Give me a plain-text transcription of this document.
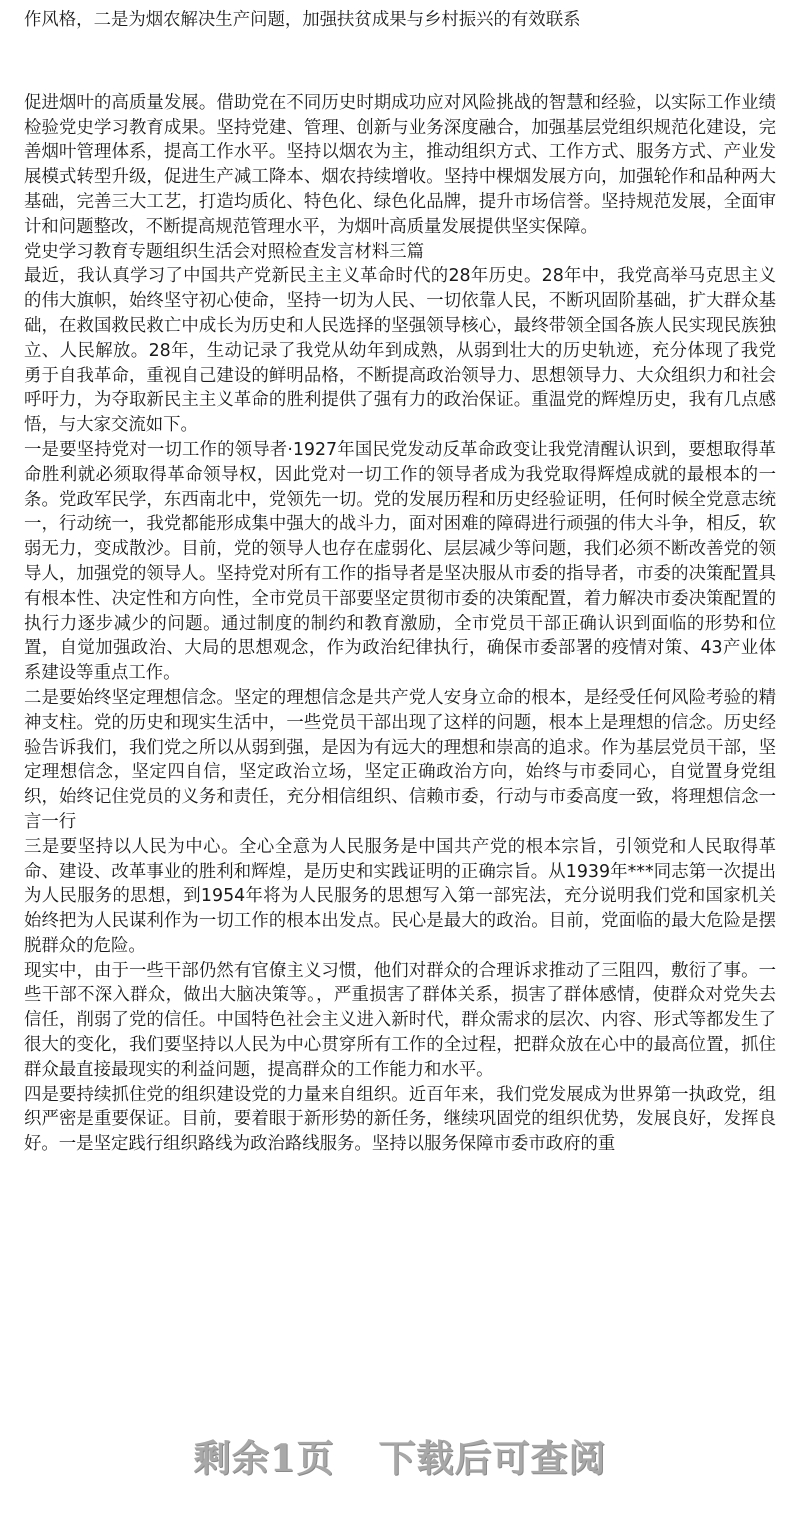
作风格，二是为烟农解决生产问题，加强扶贫成果与乡村振兴的有效联系

促进烟叶的高质量发展。借助党在不同历史时期成功应对风险挑战的智慧和经验，以实际工作业绩检验党史学习教育成果。坚持党建、管理、创新与业务深度融合，加强基层党组织规范化建设，完善烟叶管理体系，提高工作水平。坚持以烟农为主，推动组织方式、工作方式、服务方式、产业发展模式转型升级，促进生产减工降本、烟农持续增收。坚持中棵烟发展方向，加强轮作和品种两大基础，完善三大工艺，打造均质化、特色化、绿色化品牌，提升市场信誉。坚持规范发展，全面审计和问题整改，不断提高规范管理水平，为烟叶高质量发展提供坚实保障。

党史学习教育专题组织生活会对照检查发言材料三篇

最近，我认真学习了中国共产党新民主主义革命时代的28年历史。28年中，我党高举马克思主义的伟大旗帜，始终坚守初心使命，坚持一切为人民、一切依靠人民，不断巩固阶基础，扩大群众基础，在救国救民救亡中成长为历史和人民选择的坚强领导核心，最终带领全国各族人民实现民族独立、人民解放。28年，生动记录了我党从幼年到成熟，从弱到壮大的历史轨迹，充分体现了我党勇于自我革命，重视自己建设的鲜明品格，不断提高政治领导力、思想领导力、大众组织力和社会呼吁力，为夺取新民主主义革命的胜利提供了强有力的政治保证。重温党的辉煌历史，我有几点感悟，与大家交流如下。

一是要坚持党对一切工作的领导者·1927年国民党发动反革命政变让我党清醒认识到，要想取得革命胜利就必须取得革命领导权，因此党对一切工作的领导者成为我党取得辉煌成就的最根本的一条。党政军民学，东西南北中，党领先一切。党的发展历程和历史经验证明，任何时候全党意志统一，行动统一，我党都能形成集中强大的战斗力，面对困难的障碍进行顽强的伟大斗争，相反，软弱无力，变成散沙。目前，党的领导人也存在虚弱化、层层减少等问题，我们必须不断改善党的领导人，加强党的领导人。坚持党对所有工作的指导者是坚决服从市委的指导者，市委的决策配置具有根本性、决定性和方向性，全市党员干部要坚定贯彻市委的决策配置，着力解决市委决策配置的执行力逐步减少的问题。通过制度的制约和教育激励，全市党员干部正确认识到面临的形势和位置，自觉加强政治、大局的思想观念，作为政治纪律执行，确保市委部署的疫情对策、43产业体系建设等重点工作。

二是要始终坚定理想信念。坚定的理想信念是共产党人安身立命的根本，是经受任何风险考验的精神支柱。党的历史和现实生活中，一些党员干部出现了这样的问题，根本上是理想的信念。历史经验告诉我们，我们党之所以从弱到强，是因为有远大的理想和崇高的追求。作为基层党员干部，坚定理想信念，坚定四自信，坚定政治立场，坚定正确政治方向，始终与市委同心，自觉置身党组织，始终记住党员的义务和责任，充分相信组织、信赖市委，行动与市委高度一致，将理想信念一言一行

三是要坚持以人民为中心。全心全意为人民服务是中国共产党的根本宗旨，引领党和人民取得革命、建设、改革事业的胜利和辉煌，是历史和实践证明的正确宗旨。从1939年***同志第一次提出为人民服务的思想，到1954年将为人民服务的思想写入第一部宪法，充分说明我们党和国家机关始终把为人民谋利作为一切工作的根本出发点。民心是最大的政治。目前，党面临的最大危险是摆脱群众的危险。

现实中，由于一些干部仍然有官僚主义习惯，他们对群众的合理诉求推动了三阻四，敷衍了事。一些干部不深入群众，做出大脑决策等。，严重损害了群体关系，损害了群体感情，使群众对党失去信任，削弱了党的信任。中国特色社会主义进入新时代，群众需求的层次、内容、形式等都发生了很大的变化，我们要坚持以人民为中心贯穿所有工作的全过程，把群众放在心中的最高位置，抓住群众最直接最现实的利益问题，提高群众的工作能力和水平。

四是要持续抓住党的组织建设党的力量来自组织。近百年来，我们党发展成为世界第一执政党，组织严密是重要保证。目前，要着眼于新形势的新任务，继续巩固党的组织优势，发展良好，发挥良好。一是坚定践行组织路线为政治路线服务。坚持以服务保障市委市政府的重

剩余1页 下载后可查阅
